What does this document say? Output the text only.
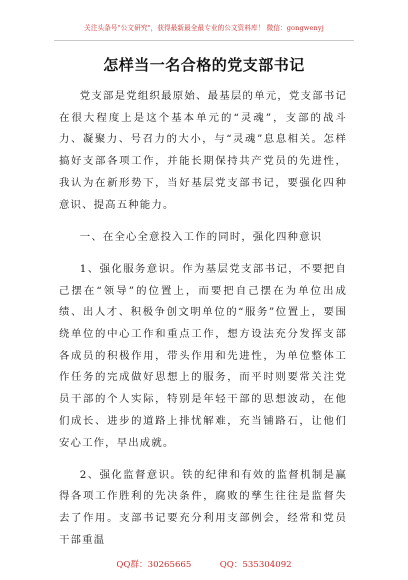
关注头条号"公文研究"，获得最新最全最专业的公文资料库！ 微信：gongwenyj
怎样当一名合格的党支部书记

党支部是党组织最原始、最基层的单元，党支部书记在很大程度上是这个基本单元的“灵魂”，支部的战斗力、凝聚力、号召力的大小，与“灵魂”息息相关。怎样搞好支部各项工作，并能长期保持共产党员的先进性，我认为在新形势下，当好基层党支部书记，要强化四种意识、提高五种能力。

一、在全心全意投入工作的同时，强化四种意识

1、强化服务意识。作为基层党支部书记，不要把自己摆在“领导”的位置上，而要把自己摆在为单位出成绩、出人才、积极争创文明单位的“服务”位置上，要围绕单位的中心工作和重点工作，想方设法充分发挥支部各成员的积极作用，带头作用和先进性，为单位整体工作任务的完成做好思想上的服务，而平时则要常关注党员干部的个人实际，特别是年轻干部的思想波动，在他们成长、进步的道路上排忧解难，充当铺路石，让他们安心工作，早出成就。

2、强化监督意识。铁的纪律和有效的监督机制是赢得各项工作胜利的先决条件，腐败的孳生往往是监督失去了作用。支部书记要充分利用支部例会，经常和党员干部重温

QQ群：30265665	QQ：535304092
